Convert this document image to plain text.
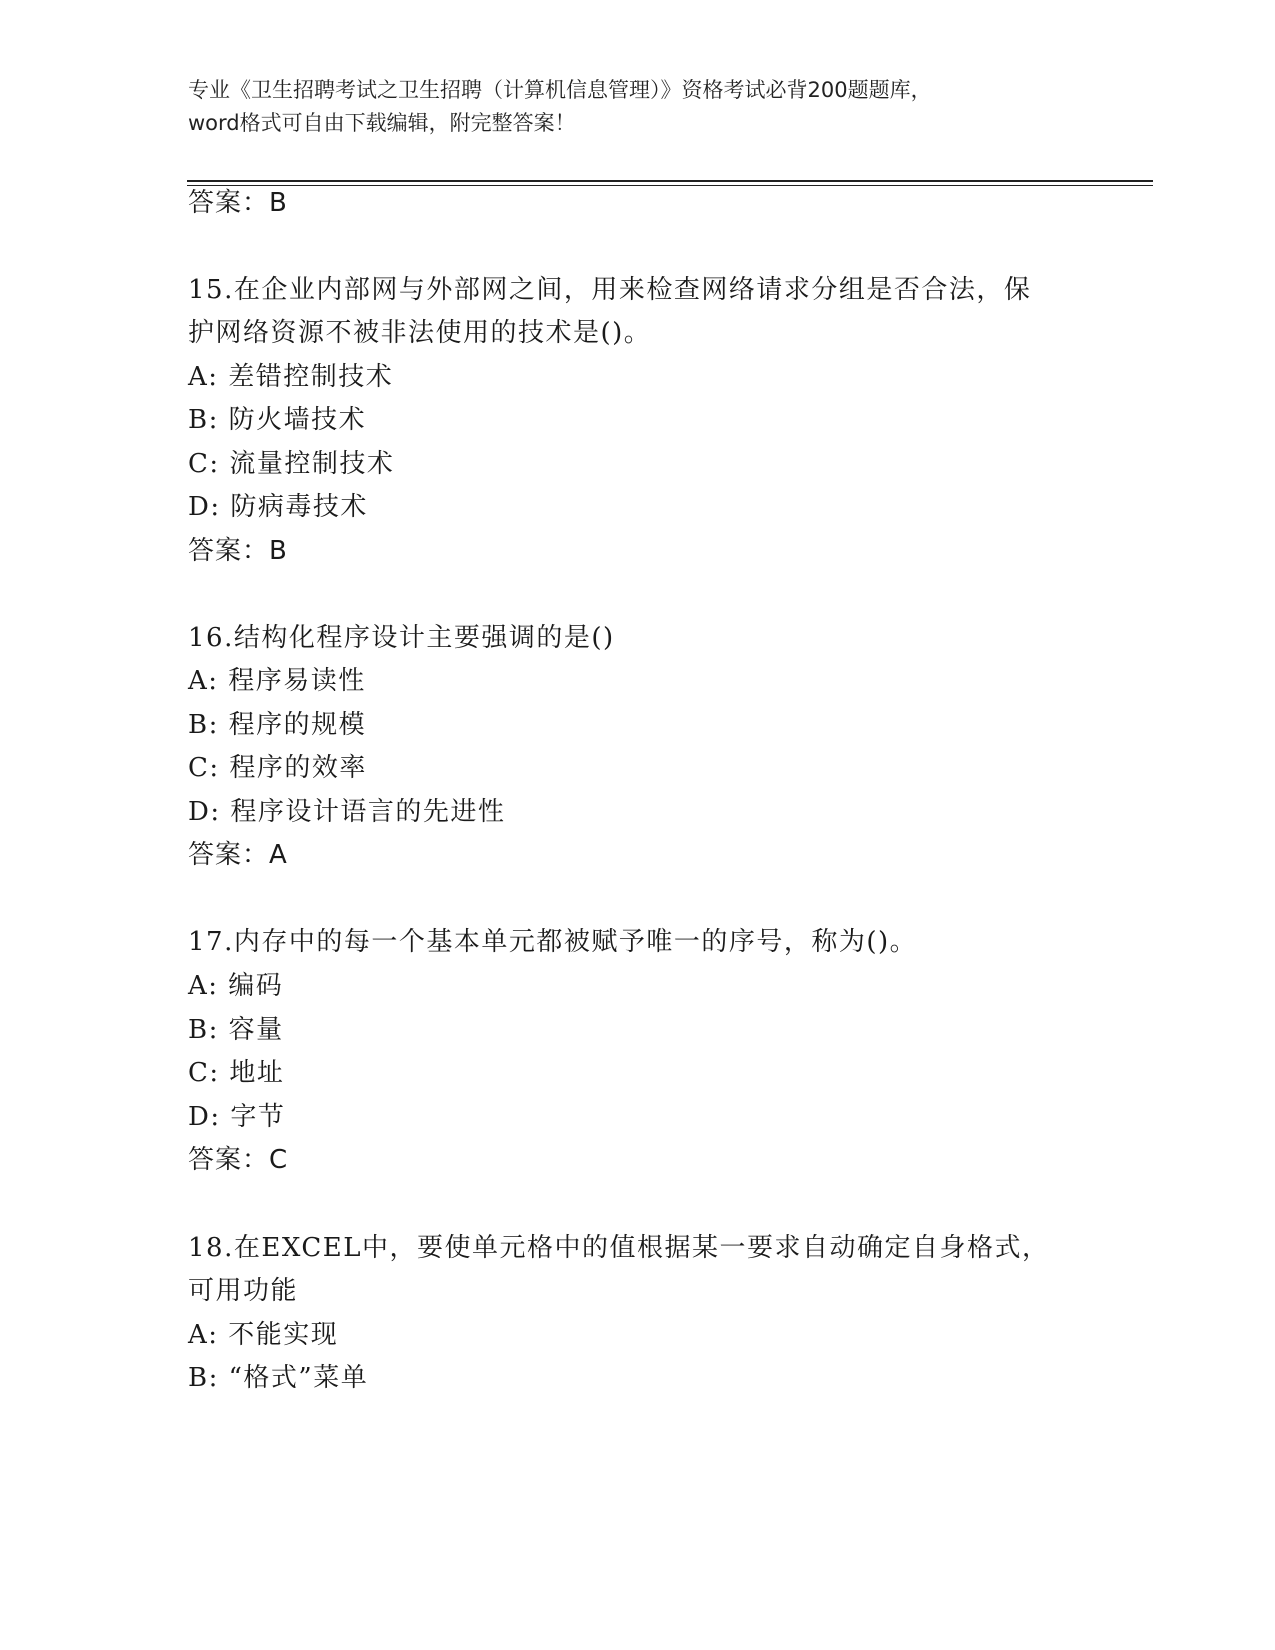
专业《卫生招聘考试之卫生招聘（计算机信息管理）》资格考试必背200题题库，

word格式可自由下载编辑，附完整答案！

答案：B
15.在企业内部网与外部网之间，用来检查网络请求分组是否合法，保
护网络资源不被非法使用的技术是()。
A: 差错控制技术
B: 防火墙技术
C: 流量控制技术
D: 防病毒技术
答案：B
16.结构化程序设计主要强调的是()
A: 程序易读性
B: 程序的规模
C: 程序的效率
D: 程序设计语言的先进性
答案：A
17.内存中的每一个基本单元都被赋予唯一的序号，称为()。
A: 编码
B: 容量
C: 地址
D: 字节
答案：C
18.在EXCEL中，要使单元格中的值根据某一要求自动确定自身格式，
可用功能
A: 不能实现
B: “格式”菜单
